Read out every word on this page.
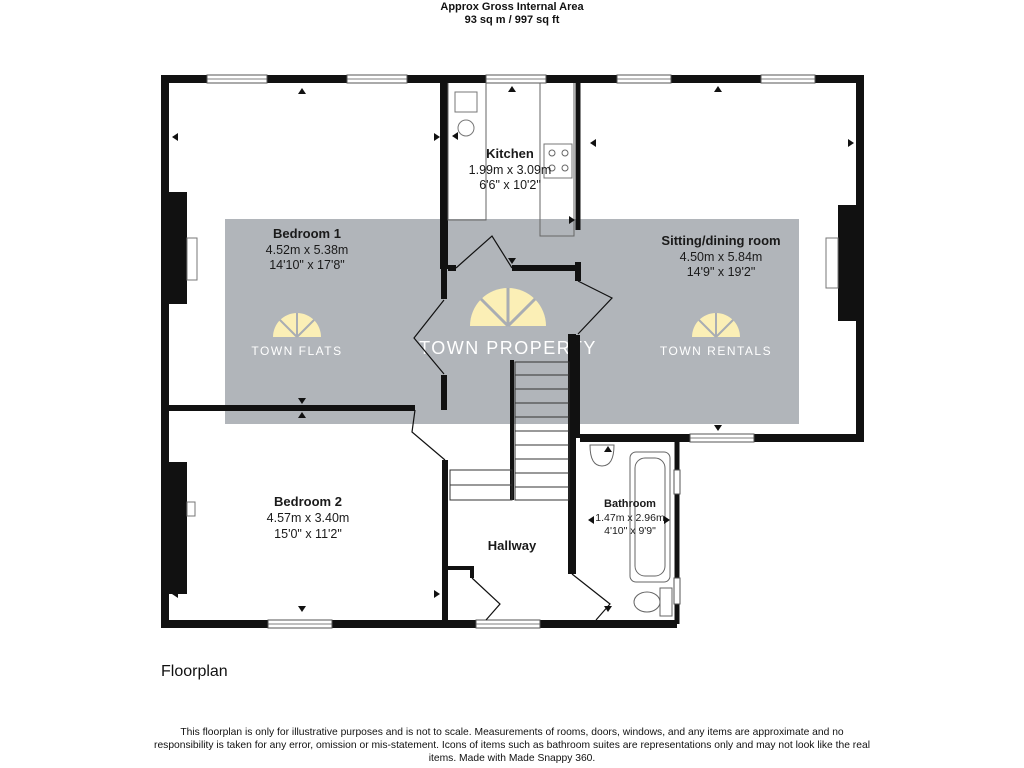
Approx Gross Internal Area
93 sq m / 997 sq ft
TOWN FLATS	TOWN PROPERTY	TOWN RENTALS
Bedroom 1
4.52m x 5.38m
14'10" x 17'8"
Kitchen
1.99m x 3.09m
6'6" x 10'2"
Sitting/dining room
4.50m x 5.84m
14'9" x 19'2"
Bedroom 2
4.57m x 3.40m
15'0" x 11'2"
Hallway
Bathroom
1.47m x 2.96m
4'10" x 9'9"
Floorplan
This floorplan is only for illustrative purposes and is not to scale. Measurements of rooms, doors, windows, and any items are approximate and no responsibility is taken for any error, omission or mis-statement. Icons of items such as bathroom suites are representations only and may not look like the real items. Made with Made Snappy 360.
